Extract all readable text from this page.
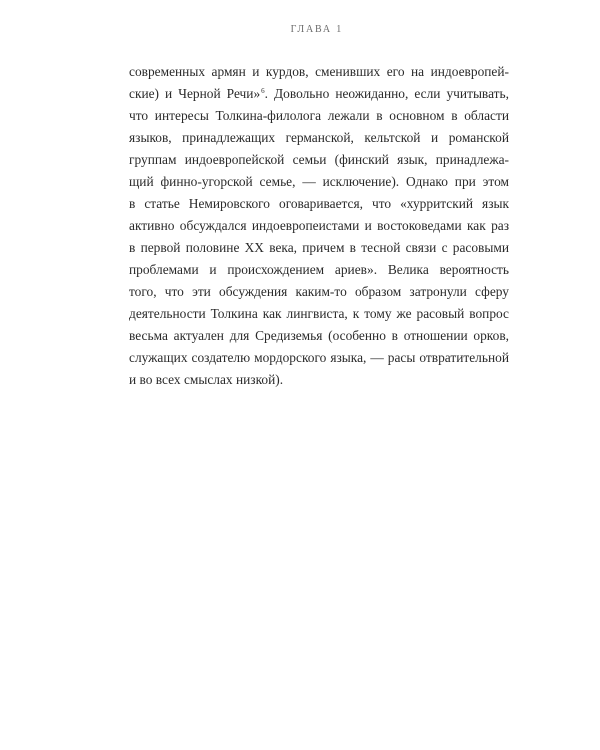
ГЛАВА 1
современных армян и курдов, сменивших его на индоевропей-
ские) и Черной Речи»$^6$. Довольно неожиданно, если учитывать,
что интересы Толкина-филолога лежали в основном в области
языков, принадлежащих германской, кельтской и романской
группам индоевропейской семьи (финский язык, принадлежа-
щий финно-угорской семье, — исключение). Однако при этом
в статье Немировского оговаривается, что «хурритский язык
активно обсуждался индоевропеистами и востоковедами как раз
в первой половине XX века, причем в тесной связи с расовыми
проблемами и происхождением ариев». Велика вероятность
того, что эти обсуждения каким-то образом затронули сферу
деятельности Толкина как лингвиста, к тому же расовый вопрос
весьма актуален для Средиземья (особенно в отношении орков,
служащих создателю мордорского языка, — расы отвратительной
и во всех смыслах низкой).
